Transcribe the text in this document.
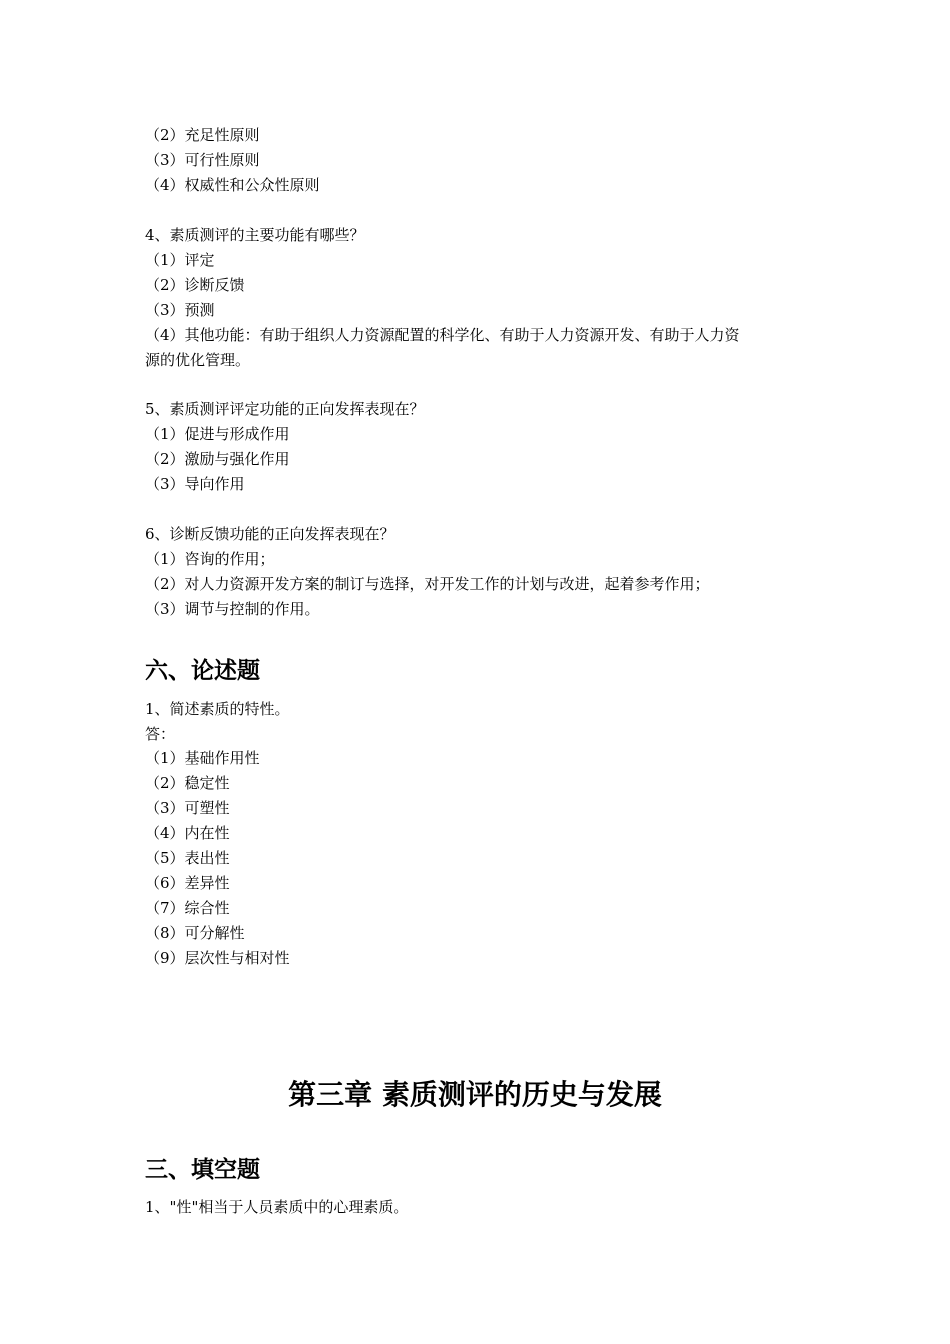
（2）充足性原则
（3）可行性原则
（4）权威性和公众性原则
4、素质测评的主要功能有哪些？
（1）评定
（2）诊断反馈
（3）预测
（4）其他功能：有助于组织人力资源配置的科学化、有助于人力资源开发、有助于人力资
源的优化管理。
5、素质测评评定功能的正向发挥表现在？
（1）促进与形成作用
（2）激励与强化作用
（3）导向作用
6、诊断反馈功能的正向发挥表现在？
（1）咨询的作用；
（2）对人力资源开发方案的制订与选择，对开发工作的计划与改进，起着参考作用；
（3）调节与控制的作用。
六、论述题
1、简述素质的特性。
答：
（1）基础作用性
（2）稳定性
（3）可塑性
（4）内在性
（5）表出性
（6）差异性
（7）综合性
（8）可分解性
（9）层次性与相对性
第三章 素质测评的历史与发展
三、填空题
1、"性"相当于人员素质中的心理素质。
